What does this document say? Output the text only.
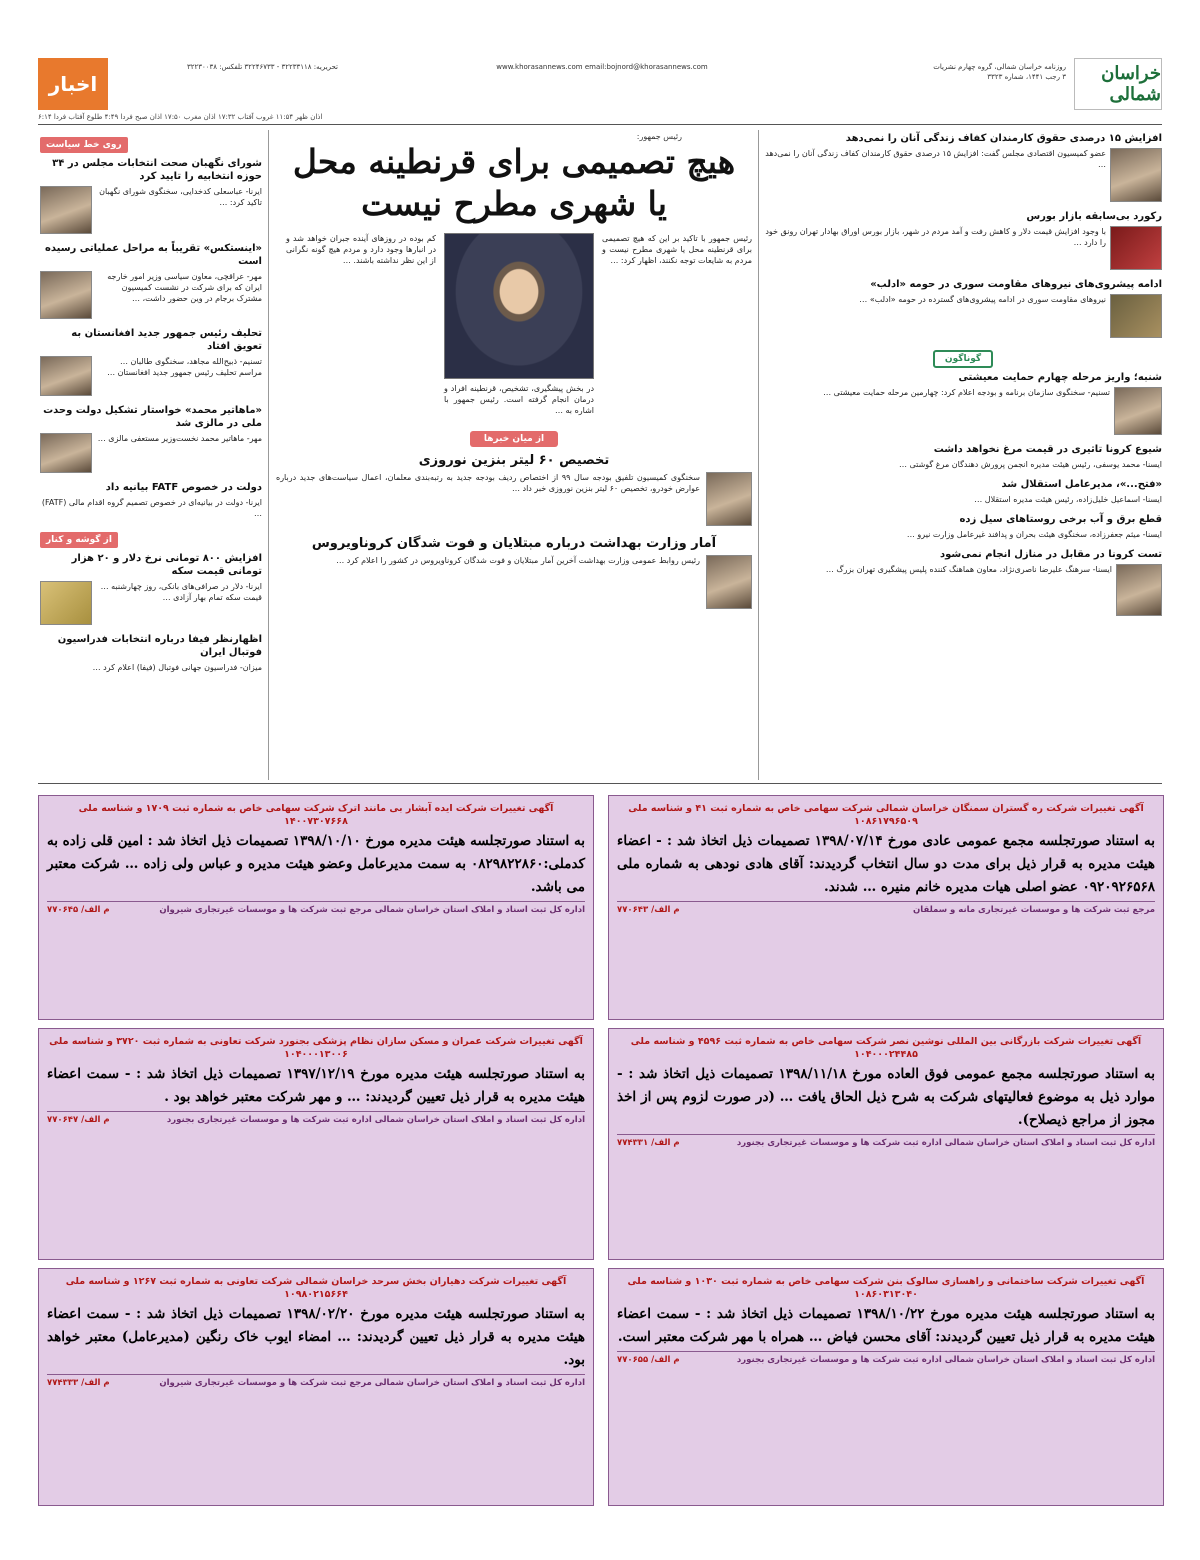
خراسان شمالی
روزنامه خراسان شمالی، گروه چهارم نشریات
۳ رجب ۱۴۴۱، شماره ۳۳۲۳
www.khorasannews.com email:bojnord@khorasannews.com
تحریریه: ۳۲۲۳۳۱۱۸ - ۳۲۲۴۶۷۳۳ تلفکس: ۳۲۲۳۰۰۳۸
اخبار
اذان ظهر ۱۱:۵۴ غروب آفتاب ۱۷:۳۲ اذان مغرب ۱۷:۵۰ اذان صبح فردا ۴:۴۹ طلوع آفتاب فردا ۶:۱۴
روی خط سیاست
شورای نگهبان صحت انتخابات مجلس در ۳۴ حوزه انتخابیه را تایید کرد
ایرنا- عباسعلی کدخدایی، سخنگوی شورای نگهبان تاکید کرد: …
«اینستکس» تقریباً به مراحل عملیاتی رسیده است
مهر- عراقچی، معاون سیاسی وزیر امور خارجه ایران که برای شرکت در نشست کمیسیون مشترک برجام در وین حضور داشت، …
تحلیف رئیس جمهور جدید افغانستان به تعویق افتاد
تسنیم- ذبیح‌الله مجاهد، سخنگوی طالبان … مراسم تحلیف رئیس جمهور جدید افغانستان …
«ماهاتیر محمد» خواستار تشکیل دولت وحدت ملی در مالزی شد
مهر- ماهاتیر محمد نخست‌وزیر مستعفی مالزی …
دولت در خصوص FATF بیانیه داد
ایرنا- دولت در بیانیه‌ای در خصوص تصمیم گروه اقدام مالی (FATF) …
از گوشه و کنار
افزایش ۸۰۰ تومانی نرخ دلار و ۲۰ هزار تومانی قیمت سکه
ایرنا- دلار در صرافی‌های بانکی، روز چهارشنبه … قیمت سکه تمام بهار آزادی …
اظهارنظر فیفا درباره انتخابات فدراسیون فوتبال ایران
میزان- فدراسیون جهانی فوتبال (فیفا) اعلام کرد …
رئیس جمهور:
هیچ تصمیمی برای قرنطینه محل
یا شهری مطرح نیست
رئیس جمهور با تاکید بر این که هیچ تصمیمی برای قرنطینه محل یا شهری مطرح نیست و مردم به شایعات توجه نکنند، اظهار کرد: …
در بخش پیشگیری، تشخیص، قرنطینه افراد و درمان انجام گرفته است. رئیس جمهور با اشاره به …
کم بوده در روزهای آینده جبران خواهد شد و در انبارها وجود دارد و مردم هیچ گونه نگرانی از این نظر نداشته باشند. …
از میان خبرها
تخصیص ۶۰ لیتر بنزین نوروزی
سخنگوی کمیسیون تلفیق بودجه سال ۹۹ از اختصاص ردیف بودجه جدید به رتبه‌بندی معلمان، اعمال سیاست‌های جدید درباره عوارض خودرو، تخصیص ۶۰ لیتر بنزین نوروزی خبر داد …
آمار وزارت بهداشت درباره مبتلایان و فوت شدگان کروناویروس
رئیس روابط عمومی وزارت بهداشت آخرین آمار مبتلایان و فوت شدگان کروناویروس در کشور را اعلام کرد …
افزایش ۱۵ درصدی حقوق کارمندان کفاف زندگی آنان را نمی‌دهد
عضو کمیسیون اقتصادی مجلس گفت: افزایش ۱۵ درصدی حقوق کارمندان کفاف زندگی آنان را نمی‌دهد …
رکورد بی‌سابقه بازار بورس
با وجود افزایش قیمت دلار و کاهش رفت و آمد مردم در شهر، بازار بورس اوراق بهادار تهران رونق خود را دارد …
ادامه پیشروی‌های نیروهای مقاومت سوری در حومه «ادلب»
نیروهای مقاومت سوری در ادامه پیشروی‌های گسترده در حومه «ادلب» …
گوناگون
شنبه؛ واریز مرحله چهارم حمایت معیشتی
تسنیم- سخنگوی سازمان برنامه و بودجه اعلام کرد: چهارمین مرحله حمایت معیشتی …
شیوع کرونا تاثیری در قیمت مرغ نخواهد داشت
ایسنا- محمد یوسفی، رئیس هیئت مدیره انجمن پرورش دهندگان مرغ گوشتی …
«فتح...»، مدیرعامل استقلال شد
ایسنا- اسماعیل خلیل‌زاده، رئیس هیئت مدیره استقلال …
قطع برق و آب برخی روستاهای سیل زده
ایسنا- میثم جعفرزاده، سخنگوی هیئت بحران و پدافند غیرعامل وزارت نیرو …
تست کرونا در مقابل در منازل انجام نمی‌شود
ایسنا- سرهنگ علیرضا ناصری‌نژاد، معاون هماهنگ کننده پلیس پیشگیری تهران بزرگ …
آگهی تغییرات شرکت ره گستران سمنگان خراسان شمالی شرکت سهامی خاص به شماره ثبت ۴۱ و شناسه ملی ۱۰۸۶۱۷۹۶۵۰۹
به استناد صورتجلسه مجمع عمومی عادی مورخ ۱۳۹۸/۰۷/۱۴ تصمیمات ذیل اتخاذ شد : - اعضاء هیئت مدیره به قرار ذیل برای مدت دو سال انتخاب گردیدند: آقای هادی نودهی به شماره ملی ۰۹۲۰۹۲۶۵۶۸ عضو اصلی هیات مدیره خانم منیره … شدند.
مرجع ثبت شرکت ها و موسسات غیرتجاری مانه و سملقان
م الف/ ۷۷۰۶۴۳
آگهی تغییرات شرکت ایده آبشار بی مانند اترک شرکت سهامی خاص به شماره ثبت ۱۷۰۹ و شناسه ملی ۱۴۰۰۷۳۰۷۶۶۸
به استناد صورتجلسه هیئت مدیره مورخ ۱۳۹۸/۱۰/۱۰ تصمیمات ذیل اتخاذ شد : امین قلی زاده به کدملی:۰۸۲۹۸۲۲۸۶۰ به سمت مدیرعامل وعضو هیئت مدیره و عباس ولی زاده … شرکت معتبر می باشد.
اداره کل ثبت اسناد و املاک استان خراسان شمالی مرجع ثبت شرکت ها و موسسات غیرتجاری شیروان
م الف/ ۷۷۰۶۴۵
آگهی تغییرات شرکت بازرگانی بین المللی نوشین نصر شرکت سهامی خاص به شماره ثبت ۴۵۹۶ و شناسه ملی ۱۰۴۰۰۰۲۴۴۸۵
به استناد صورتجلسه مجمع عمومی فوق العاده مورخ ۱۳۹۸/۱۱/۱۸ تصمیمات ذیل اتخاذ شد : - موارد ذیل به موضوع فعالیتهای شرکت به شرح ذیل الحاق یافت … (در صورت لزوم پس از اخذ مجوز از مراجع ذیصلاح).
اداره کل ثبت اسناد و املاک استان خراسان شمالی اداره ثبت شرکت ها و موسسات غیرتجاری بجنورد
م الف/ ۷۷۴۳۳۱
آگهی تغییرات شرکت عمران و مسکن سازان نظام پزشکی بجنورد شرکت تعاونی به شماره ثبت ۳۷۲۰ و شناسه ملی ۱۰۴۰۰۰۱۳۰۰۶
به استناد صورتجلسه هیئت مدیره مورخ ۱۳۹۷/۱۲/۱۹ تصمیمات ذیل اتخاذ شد : - سمت اعضاء هیئت مدیره به قرار ذیل تعیین گردیدند: … و مهر شرکت معتبر خواهد بود .
اداره کل ثبت اسناد و املاک استان خراسان شمالی اداره ثبت شرکت ها و موسسات غیرتجاری بجنورد
م الف/ ۷۷۰۶۴۷
آگهی تغییرات شرکت ساختمانی و راهسازی سالوک بنن شرکت سهامی خاص به شماره ثبت ۱۰۳۰ و شناسه ملی ۱۰۸۶۰۳۱۳۰۴۰
به استناد صورتجلسه هیئت مدیره مورخ ۱۳۹۸/۱۰/۲۲ تصمیمات ذیل اتخاذ شد : - سمت اعضاء هیئت مدیره به قرار ذیل تعیین گردیدند: آقای محسن فیاض … همراه با مهر شرکت معتبر است.
اداره کل ثبت اسناد و املاک استان خراسان شمالی اداره ثبت شرکت ها و موسسات غیرتجاری بجنورد
م الف/ ۷۷۰۶۵۵
آگهی تغییرات شرکت دهیاران بخش سرحد خراسان شمالی شرکت تعاونی به شماره ثبت ۱۲۶۷ و شناسه ملی ۱۰۹۸۰۲۱۵۶۶۴
به استناد صورتجلسه هیئت مدیره مورخ ۱۳۹۸/۰۲/۲۰ تصمیمات ذیل اتخاذ شد : - سمت اعضاء هیئت مدیره به قرار ذیل تعیین گردیدند: … امضاء ایوب خاک رنگین (مدیرعامل) معتبر خواهد بود.
اداره کل ثبت اسناد و املاک استان خراسان شمالی مرجع ثبت شرکت ها و موسسات غیرتجاری شیروان
م الف/ ۷۷۴۳۳۳
